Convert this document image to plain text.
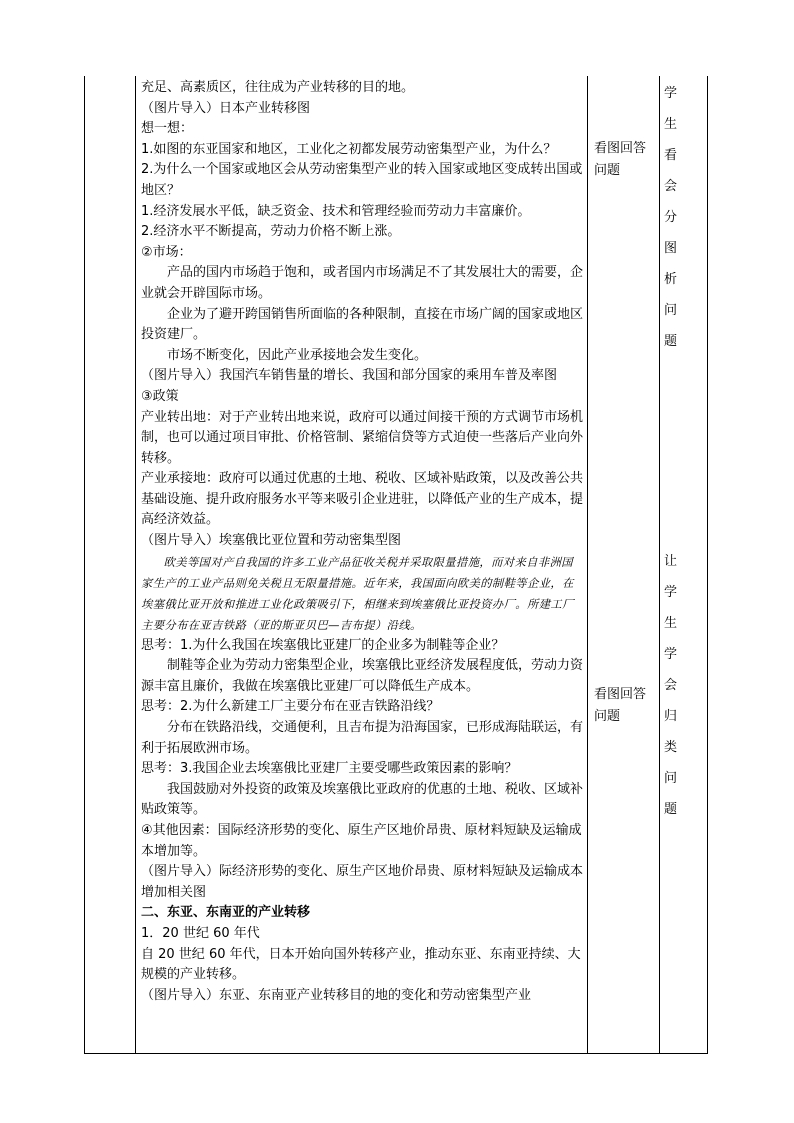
充足、高素质区，往往成为产业转移的目的地。

（图片导入）日本产业转移图

想一想：

1.如图的东亚国家和地区，工业化之初都发展劳动密集型产业，为什么？

2.为什么一个国家或地区会从劳动密集型产业的转入国家或地区变成转出国或地区？

1.经济发展水平低，缺乏资金、技术和管理经验而劳动力丰富廉价。

2.经济水平不断提高，劳动力价格不断上涨。

②市场：

产品的国内市场趋于饱和，或者国内市场满足不了其发展壮大的需要，企业就会开辟国际市场。

企业为了避开跨国销售所面临的各种限制，直接在市场广阔的国家或地区投资建厂。

市场不断变化，因此产业承接地会发生变化。

（图片导入）我国汽车销售量的增长、我国和部分国家的乘用车普及率图

③政策

产业转出地：对于产业转出地来说，政府可以通过间接干预的方式调节市场机制，也可以通过项目审批、价格管制、紧缩信贷等方式迫使一些落后产业向外转移。

产业承接地：政府可以通过优惠的土地、税收、区域补贴政策，以及改善公共基础设施、提升政府服务水平等来吸引企业进驻，以降低产业的生产成本，提高经济效益。

（图片导入）埃塞俄比亚位置和劳动密集型图

欧美等国对产自我国的许多工业产品征收关税并采取限量措施，而对来自非洲国家生产的工业产品则免关税且无限量措施。近年来，我国面向欧美的制鞋等企业，在埃塞俄比亚开放和推进工业化政策吸引下，相继来到埃塞俄比亚投资办厂。所建工厂主要分布在亚吉铁路（亚的斯亚贝巴—吉布提）沿线。

思考：1.为什么我国在埃塞俄比亚建厂的企业多为制鞋等企业？

制鞋等企业为劳动力密集型企业，埃塞俄比亚经济发展程度低，劳动力资源丰富且廉价，我做在埃塞俄比亚建厂可以降低生产成本。

思考：2.为什么新建工厂主要分布在亚吉铁路沿线？

分布在铁路沿线，交通便利，且吉布提为沿海国家，已形成海陆联运，有利于拓展欧洲市场。

思考：3.我国企业去埃塞俄比亚建厂主要受哪些政策因素的影响？

我国鼓励对外投资的政策及埃塞俄比亚政府的优惠的土地、税收、区域补贴政策等。

④其他因素：国际经济形势的变化、原生产区地价昂贵、原材料短缺及运输成本增加等。

（图片导入）际经济形势的变化、原生产区地价昂贵、原材料短缺及运输成本增加相关图

二、东亚、东南亚的产业转移

1．20 世纪 60 年代

自 20 世纪 60 年代，日本开始向国外转移产业，推动东亚、东南亚持续、大规模的产业转移。

（图片导入）东亚、东南亚产业转移目的地的变化和劳动密集型产业

看图回答问题
看图回答问题
学生看会分图析问题
让学生学会归类问题
